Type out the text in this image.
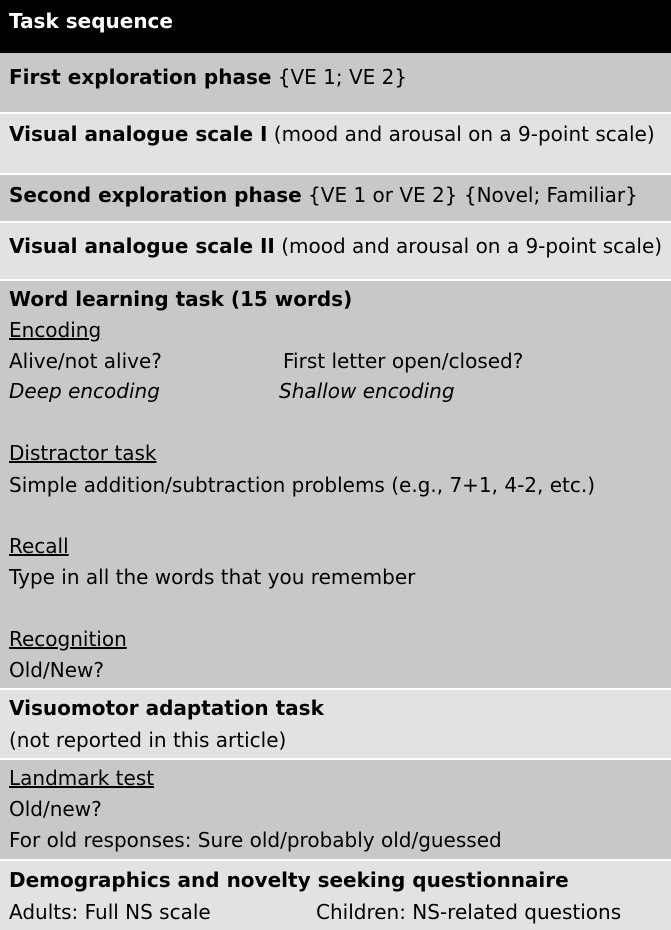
Task sequence
First exploration phase {VE 1; VE 2}
Visual analogue scale I (mood and arousal on a 9-point scale)
Second exploration phase {VE 1 or VE 2} {Novel; Familiar}
Visual analogue scale II (mood and arousal on a 9-point scale)
Word learning task (15 words)
Encoding
Alive/not alive?	First letter open/closed?
Deep encoding	Shallow encoding
Distractor task
Simple addition/subtraction problems (e.g., 7+1, 4-2, etc.)
Recall
Type in all the words that you remember
Recognition
Old/New?
Visuomotor adaptation task
(not reported in this article)
Landmark test
Old/new?
For old responses: Sure old/probably old/guessed
Demographics and novelty seeking questionnaire
Adults: Full NS scale	Children: NS-related questions
